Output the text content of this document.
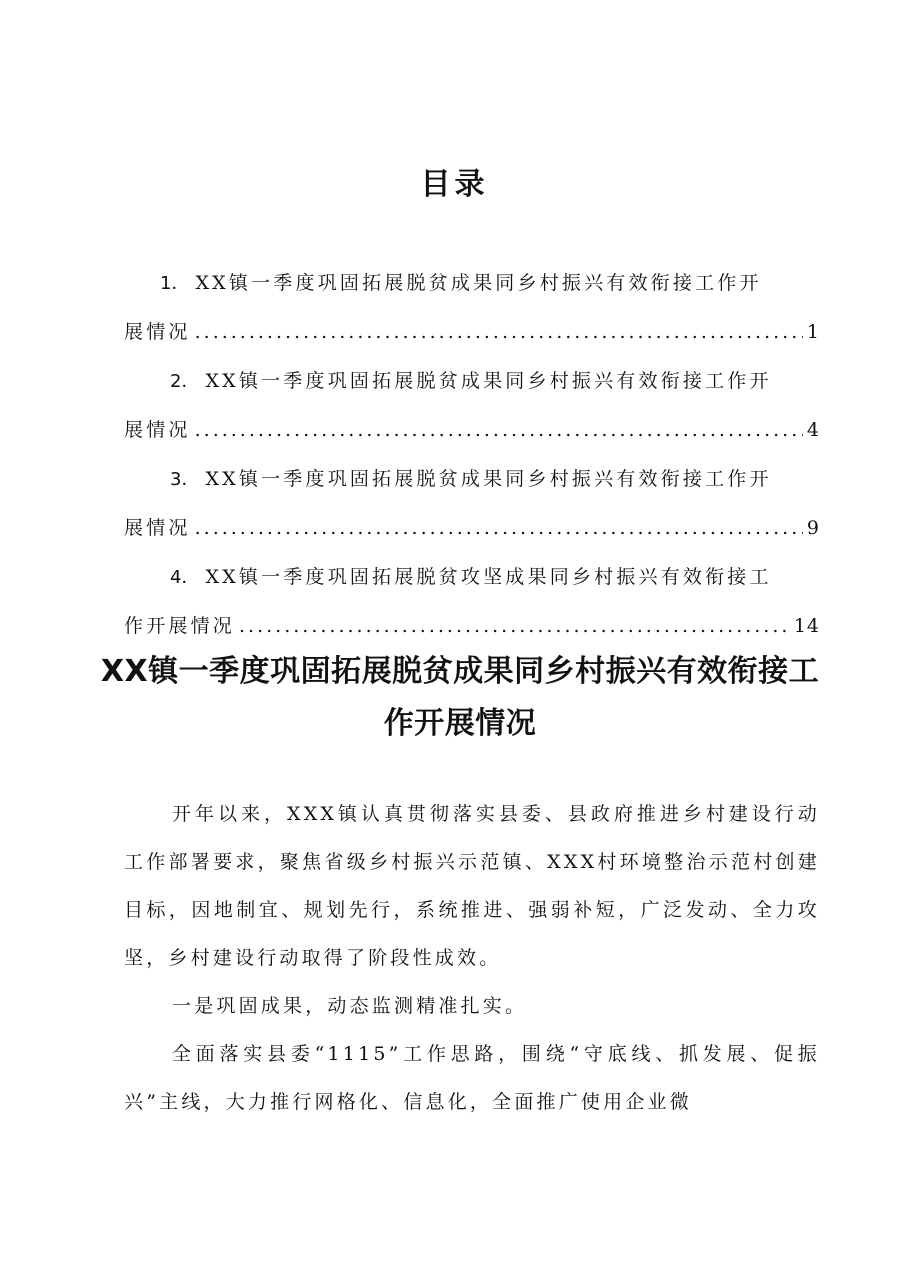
目录
1． XX镇一季度巩固拓展脱贫成果同乡村振兴有效衔接工作开
展情况 .....	1
2． XX镇一季度巩固拓展脱贫成果同乡村振兴有效衔接工作开
展情况 .....	4
3． XX镇一季度巩固拓展脱贫成果同乡村振兴有效衔接工作开
展情况 .....	9
4． XX镇一季度巩固拓展脱贫攻坚成果同乡村振兴有效衔接工
作开展情况 .....	14
XX镇一季度巩固拓展脱贫成果同乡村振兴有效衔接工作开展情况

开年以来，XXX镇认真贯彻落实县委、县政府推进乡村建设行动工作部署要求，聚焦省级乡村振兴示范镇、XXX村环境整治示范村创建目标，因地制宜、规划先行，系统推进、强弱补短，广泛发动、全力攻坚，乡村建设行动取得了阶段性成效。

一是巩固成果，动态监测精准扎实。

全面落实县委“1115”工作思路，围绕“守底线、抓发展、促振兴”主线，大力推行网格化、信息化，全面推广使用企业微
